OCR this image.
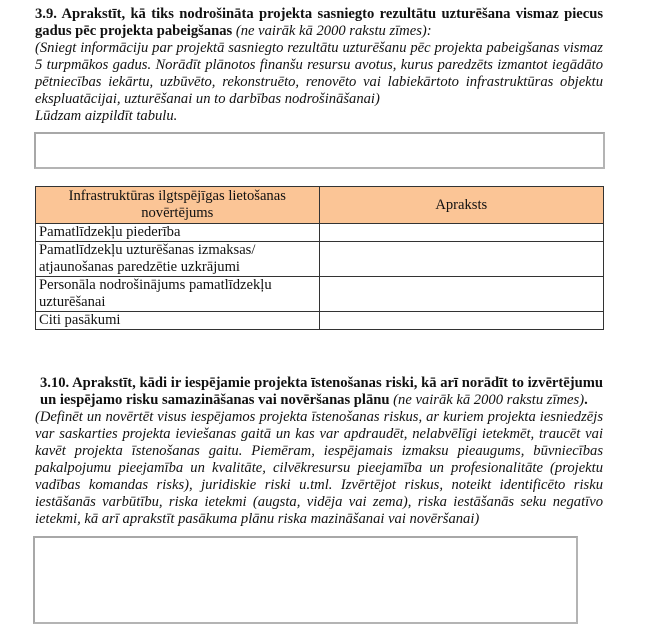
3.9. Aprakstīt, kā tiks nodrošināta projekta sasniegto rezultātu uzturēšana vismaz piecus gadus pēc projekta pabeigšanas (ne vairāk kā 2000 rakstu zīmes):

(Sniegt informāciju par projektā sasniegto rezultātu uzturēšanu pēc projekta pabeigšanas vismaz 5 turpmākos gadus. Norādīt plānotos finanšu resursu avotus, kurus paredzēts izmantot iegādāto pētniecības iekārtu, uzbūvēto, rekonstruēto, renovēto vai labiekārtoto infrastruktūras objektu ekspluatācijai, uzturēšanai un to darbības nodrošināšanai)

Lūdzam aizpildīt tabulu.

Infrastruktūras ilgtspējīgas lietošanas novērtējums	Apraksts
Pamatlīdzekļu piederība	
Pamatlīdzekļu uzturēšanas izmaksas/ atjaunošanas paredzētie uzkrājumi	
Personāla nodrošinājums pamatlīdzekļu uzturēšanai	
Citi pasākumi	

3.10. Aprakstīt, kādi ir iespējamie projekta īstenošanas riski, kā arī norādīt to izvērtējumu un iespējamo risku samazināšanas vai novēršanas plānu (ne vairāk kā 2000 rakstu zīmes).

(Definēt un novērtēt visus iespējamos projekta īstenošanas riskus, ar kuriem projekta iesniedzējs var saskarties projekta ieviešanas gaitā un kas var apdraudēt, nelabvēlīgi ietekmēt, traucēt vai kavēt projekta īstenošanas gaitu. Piemēram, iespējamais izmaksu pieaugums, būvniecības pakalpojumu pieejamība un kvalitāte, cilvēkresursu pieejamība un profesionalitāte (projektu vadības komandas risks), juridiskie riski u.tml. Izvērtējot riskus, noteikt identificēto risku iestāšanās varbūtību, riska ietekmi (augsta, vidēja vai zema), riska iestāšanās seku negatīvo ietekmi, kā arī aprakstīt pasākuma plānu riska mazināšanai vai novēršanai)
